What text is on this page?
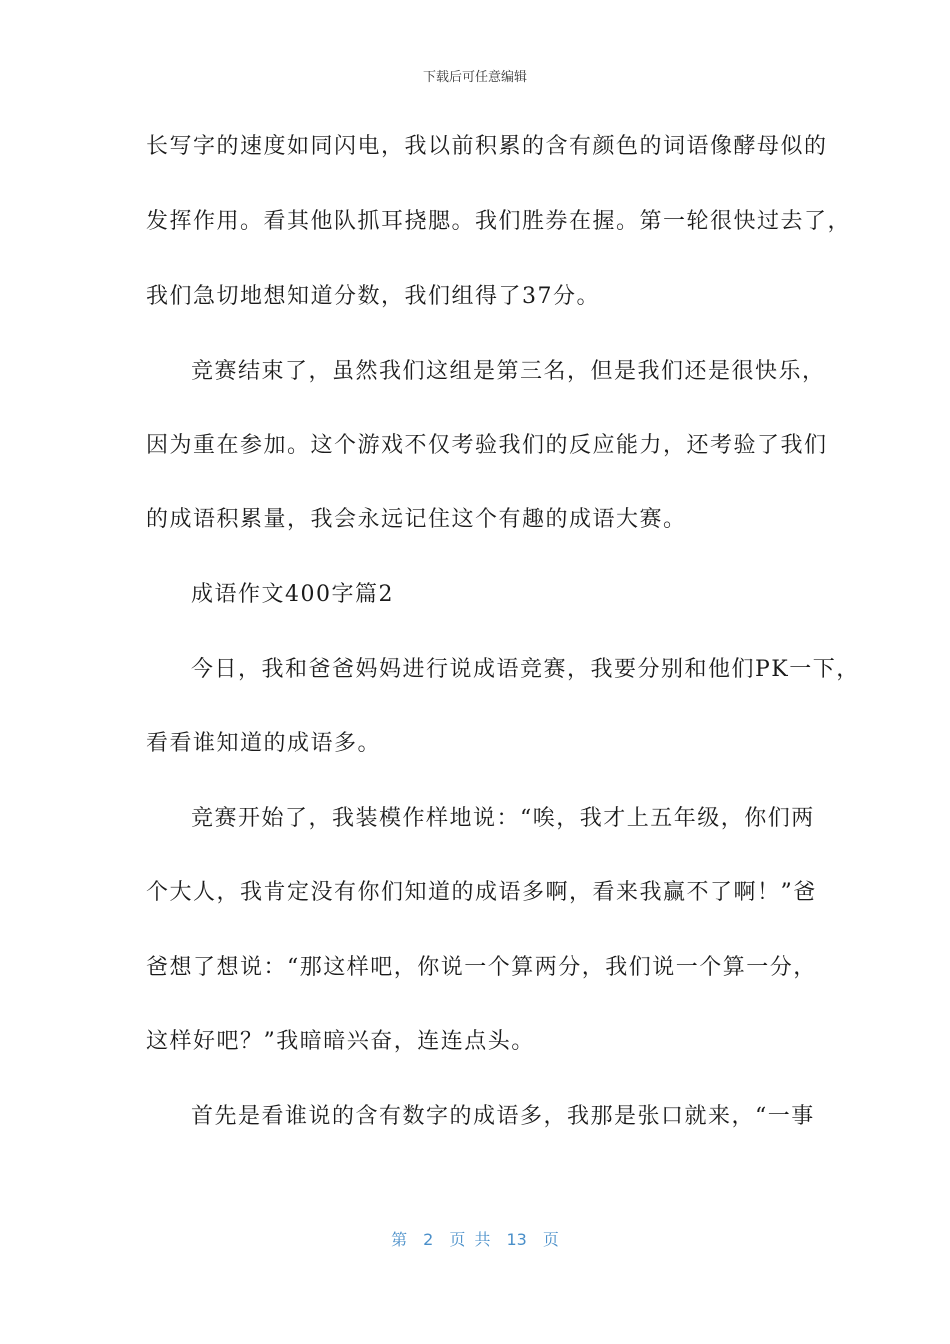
下载后可任意编辑
长写字的速度如同闪电，我以前积累的含有颜色的词语像酵母似的
发挥作用。看其他队抓耳挠腮。我们胜券在握。第一轮很快过去了，
我们急切地想知道分数，我们组得了37分。
竞赛结束了，虽然我们这组是第三名，但是我们还是很快乐，
因为重在参加。这个游戏不仅考验我们的反应能力，还考验了我们
的成语积累量，我会永远记住这个有趣的成语大赛。
成语作文400字篇2
今日，我和爸爸妈妈进行说成语竞赛，我要分别和他们PK一下，
看看谁知道的成语多。
竞赛开始了，我装模作样地说：“唉，我才上五年级，你们两
个大人，我肯定没有你们知道的成语多啊，看来我赢不了啊！”爸
爸想了想说：“那这样吧，你说一个算两分，我们说一个算一分，
这样好吧？”我暗暗兴奋，连连点头。
首先是看谁说的含有数字的成语多，我那是张口就来，“一事
第 2 页 共 13 页
